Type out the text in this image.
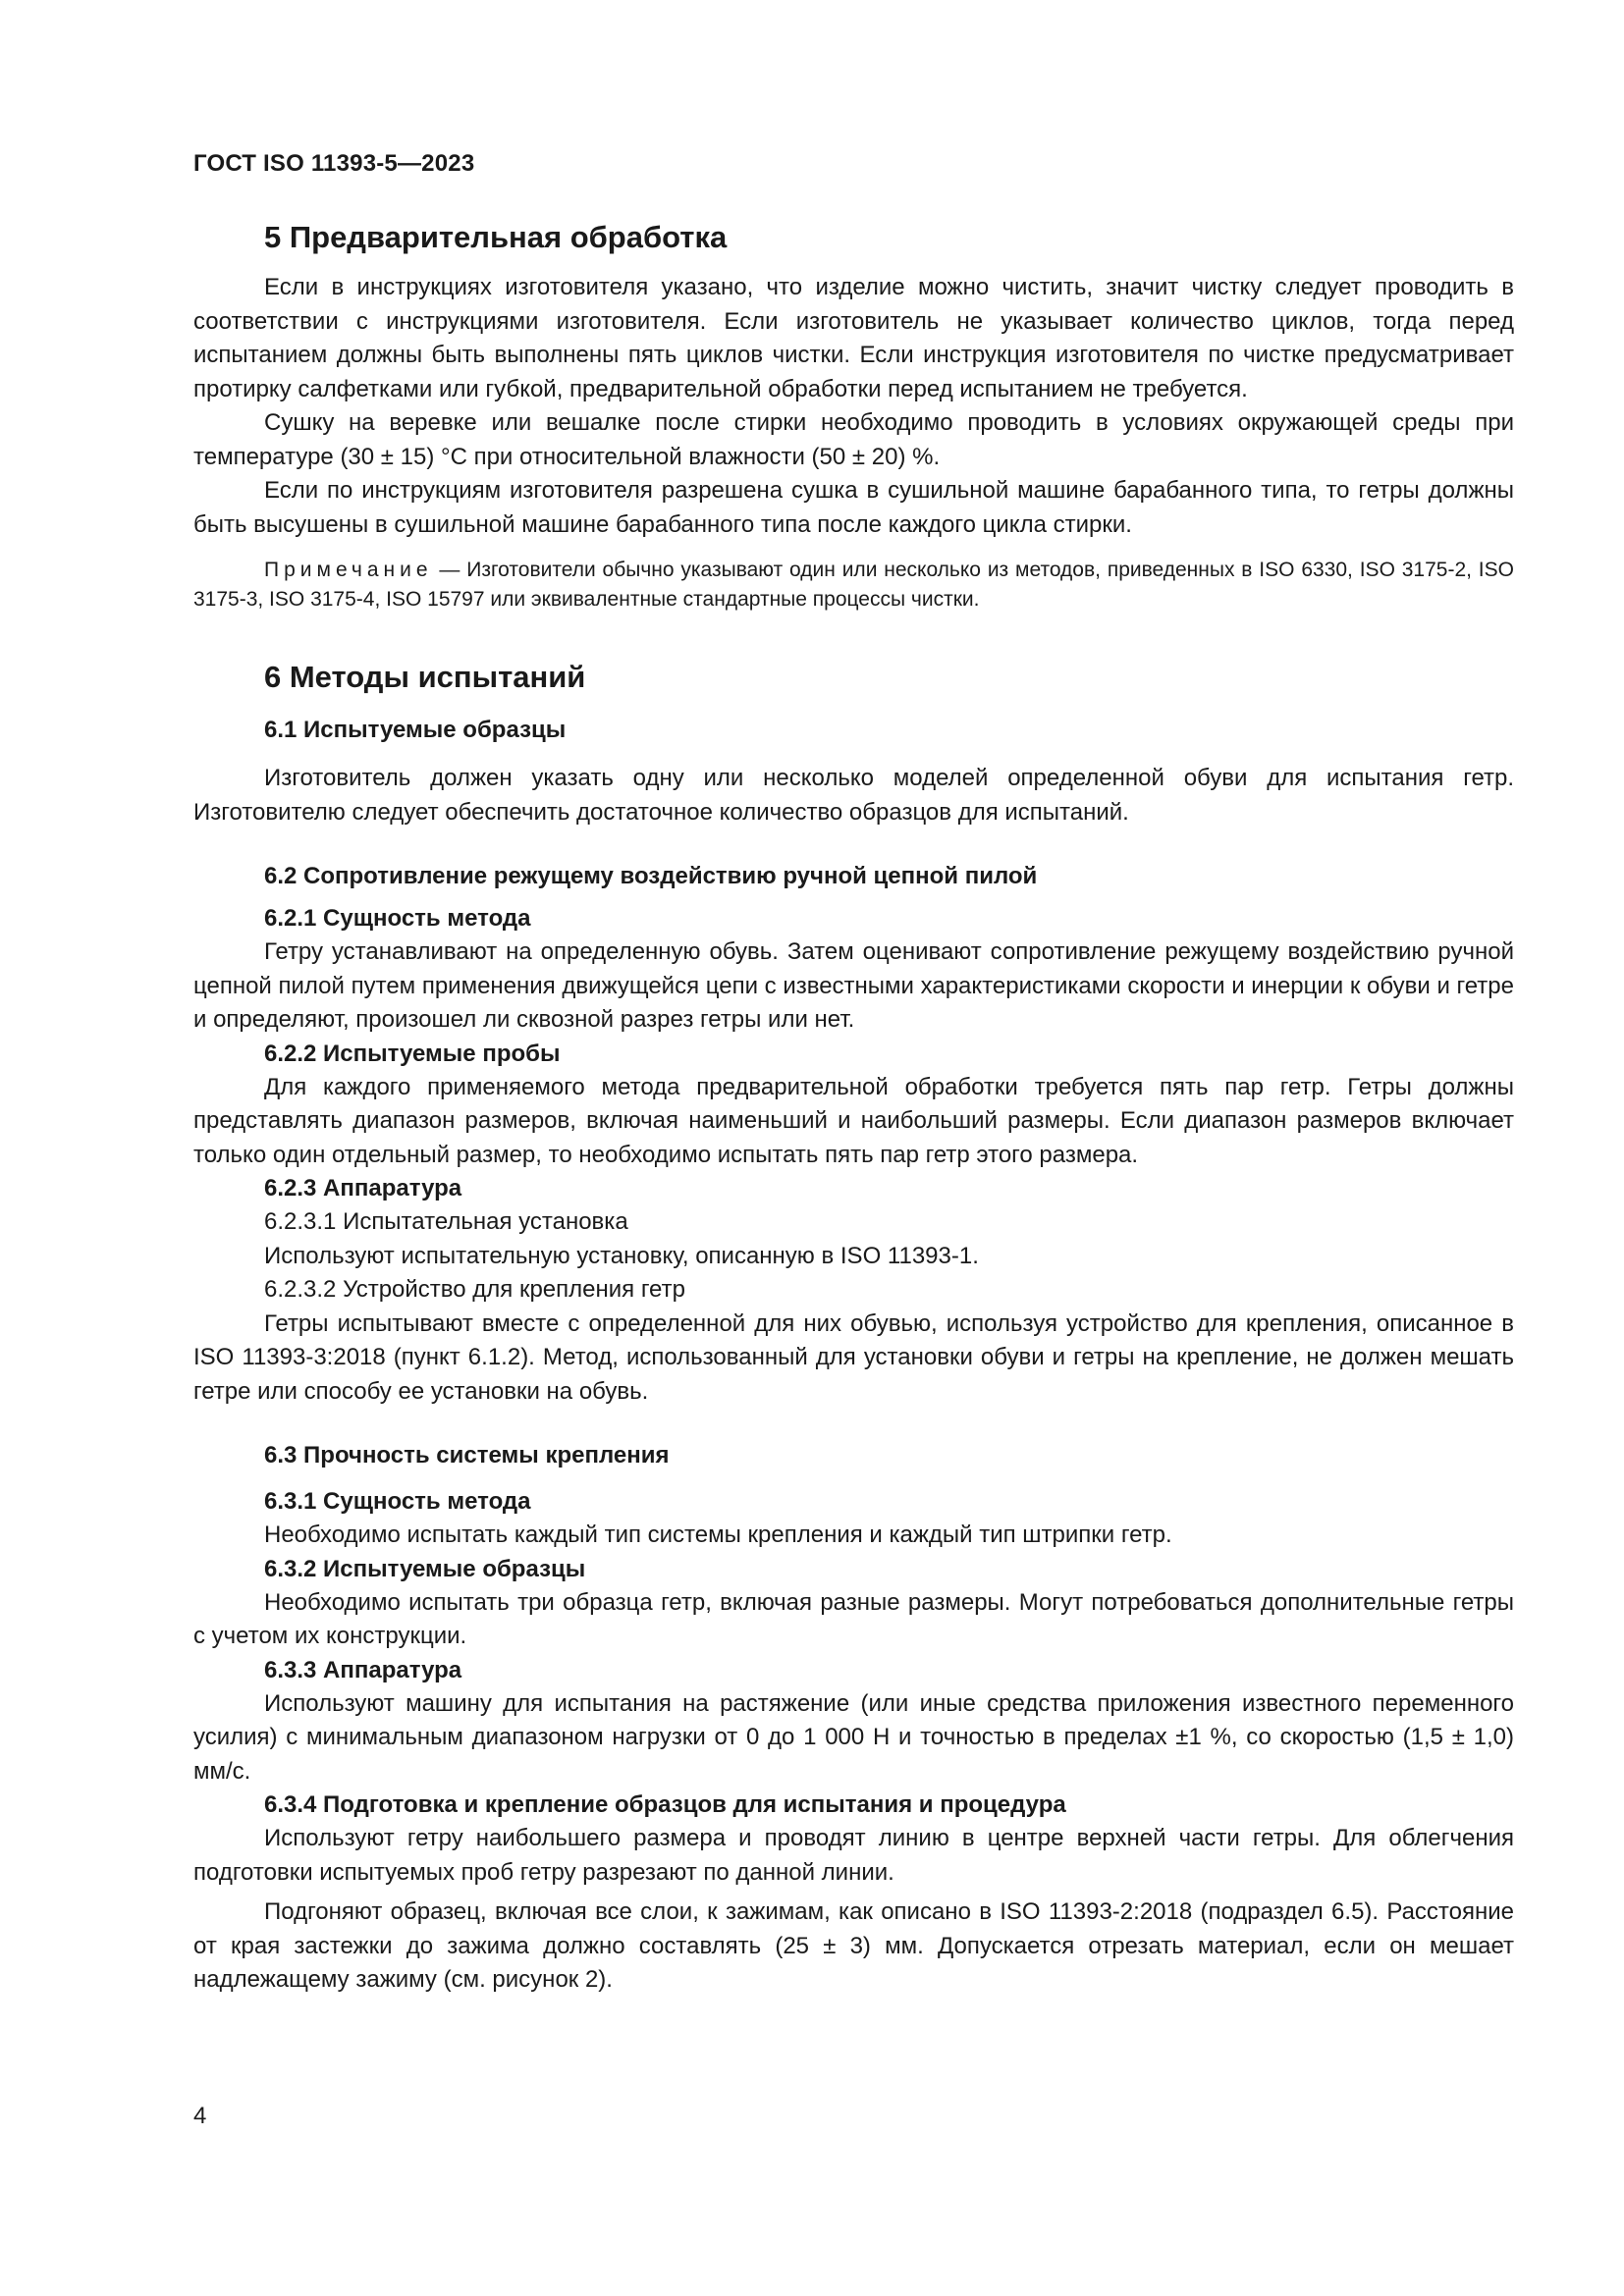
ГОСТ ISO 11393-5—2023
5 Предварительная обработка

Если в инструкциях изготовителя указано, что изделие можно чистить, значит чистку следует проводить в соответствии с инструкциями изготовителя. Если изготовитель не указывает количество циклов, тогда перед испытанием должны быть выполнены пять циклов чистки. Если инструкция изготовителя по чистке предусматривает протирку салфетками или губкой, предварительной обработки перед испытанием не требуется.

Сушку на веревке или вешалке после стирки необходимо проводить в условиях окружающей среды при температуре (30 ± 15) °C при относительной влажности (50 ± 20) %.

Если по инструкциям изготовителя разрешена сушка в сушильной машине барабанного типа, то гетры должны быть высушены в сушильной машине барабанного типа после каждого цикла стирки.

Примечание — Изготовители обычно указывают один или несколько из методов, приведенных в ISO 6330, ISO 3175-2, ISO 3175-3, ISO 3175-4, ISO 15797 или эквивалентные стандартные процессы чистки.

6 Методы испытаний
6.1 Испытуемые образцы

Изготовитель должен указать одну или несколько моделей определенной обуви для испытания гетр. Изготовителю следует обеспечить достаточное количество образцов для испытаний.

6.2 Сопротивление режущему воздействию ручной цепной пилой
6.2.1 Сущность метода

Гетру устанавливают на определенную обувь. Затем оценивают сопротивление режущему воздействию ручной цепной пилой путем применения движущейся цепи с известными характеристиками скорости и инерции к обуви и гетре и определяют, произошел ли сквозной разрез гетры или нет.

6.2.2 Испытуемые пробы

Для каждого применяемого метода предварительной обработки требуется пять пар гетр. Гетры должны представлять диапазон размеров, включая наименьший и наибольший размеры. Если диапазон размеров включает только один отдельный размер, то необходимо испытать пять пар гетр этого размера.

6.2.3 Аппаратура

6.2.3.1 Испытательная установка

Используют испытательную установку, описанную в ISO 11393-1.

6.2.3.2 Устройство для крепления гетр

Гетры испытывают вместе с определенной для них обувью, используя устройство для крепления, описанное в ISO 11393-3:2018 (пункт 6.1.2). Метод, использованный для установки обуви и гетры на крепление, не должен мешать гетре или способу ее установки на обувь.

6.3 Прочность системы крепления
6.3.1 Сущность метода

Необходимо испытать каждый тип системы крепления и каждый тип штрипки гетр.

6.3.2 Испытуемые образцы

Необходимо испытать три образца гетр, включая разные размеры. Могут потребоваться дополнительные гетры с учетом их конструкции.

6.3.3 Аппаратура

Используют машину для испытания на растяжение (или иные средства приложения известного переменного усилия) с минимальным диапазоном нагрузки от 0 до 1 000 Н и точностью в пределах ±1 %, со скоростью (1,5 ± 1,0) мм/с.

6.3.4 Подготовка и крепление образцов для испытания и процедура

Используют гетру наибольшего размера и проводят линию в центре верхней части гетры. Для облегчения подготовки испытуемых проб гетру разрезают по данной линии.

Подгоняют образец, включая все слои, к зажимам, как описано в ISO 11393-2:2018 (подраздел 6.5). Расстояние от края застежки до зажима должно составлять (25 ± 3) мм. Допускается отрезать материал, если он мешает надлежащему зажиму (см. рисунок 2).

4
